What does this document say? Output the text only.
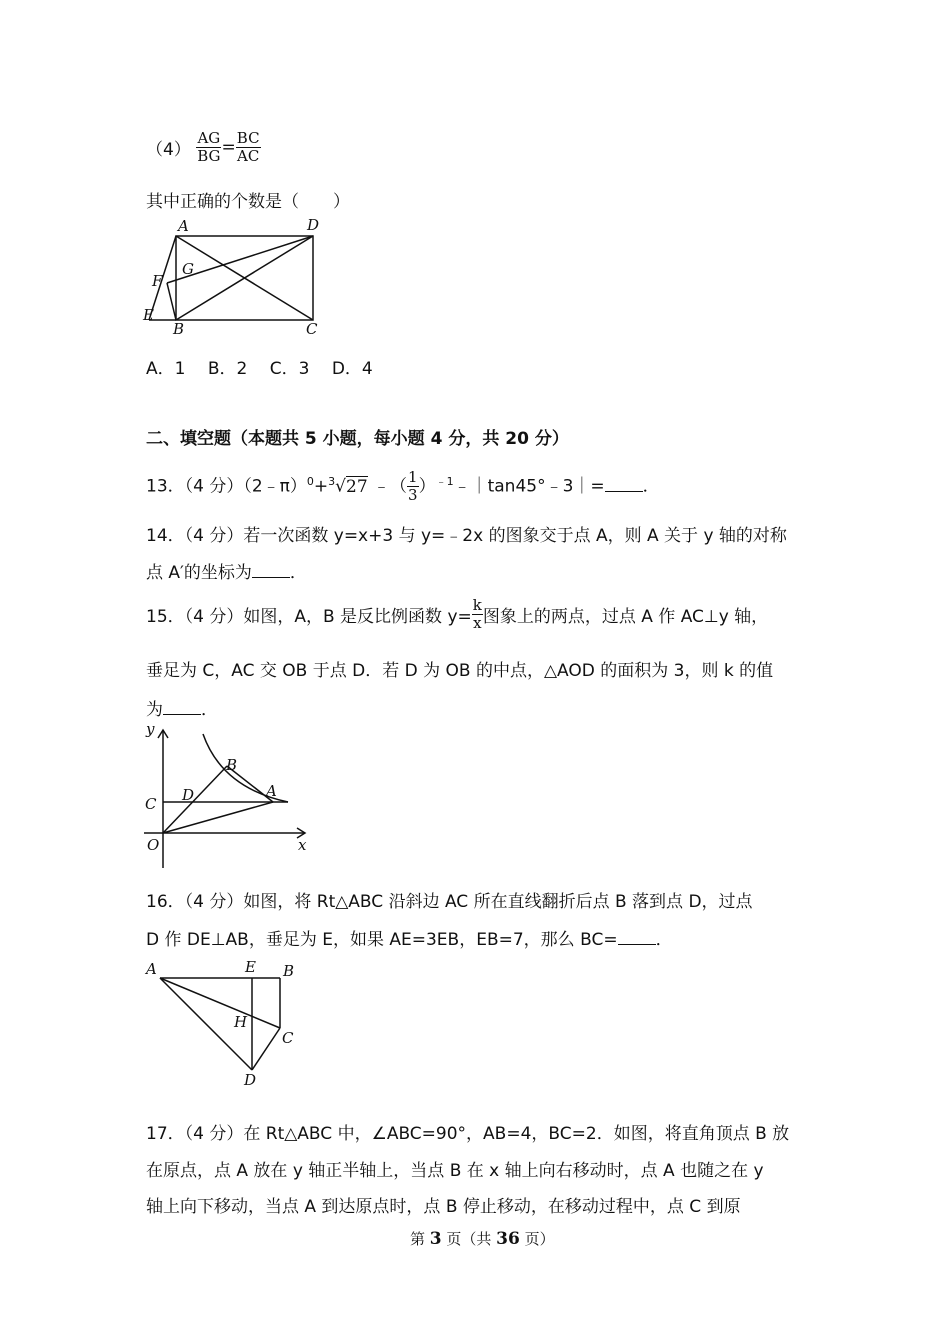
$(4) \frac{AG}{BG} = \frac{BC}{AC}$
其中正确的个数是（　　）
A	D
F
G
E
B	C
A．1　 B．2　 C．3　 D．4
二、填空题（本题共 5 小题，每小题 4 分，共 20 分）
13．（4 分）（2﹣π）$^0$+$^3$√27 ﹣（ $\frac{1}{3}$ ）$^{﹣1}$﹣｜tan45°﹣3｜= ．
14．（4 分）若一次函数 y=x+3 与 y=﹣2x 的图象交于点 A，则 A 关于 y 轴的对称
点 A′的坐标为 ．
15．（4 分）如图，A，B 是反比例函数 $y= \frac{k}{x}$ 图象上的两点，过点 A 作 AC⊥y 轴，
垂足为 C，AC 交 OB 于点 D．若 D 为 OB 的中点，△AOD 的面积为 3，则 k 的值
为 ．
y
B
C D	A
O	x
16．（4 分）如图，将 Rt△ABC 沿斜边 AC 所在直线翻折后点 B 落到点 D，过点
D 作 DE⊥AB，垂足为 E，如果 AE=3EB，EB=7，那么 BC= ．
A	E B
H
C
D
17．（4 分）在 Rt△ABC 中，∠ABC=90°，AB=4，BC=2．如图，将直角顶点 B 放
在原点，点 A 放在 y 轴正半轴上，当点 B 在 x 轴上向右移动时，点 A 也随之在 y
轴上向下移动，当点 A 到达原点时，点 B 停止移动，在移动过程中，点 C 到原
第 3 页（共 36 页）
